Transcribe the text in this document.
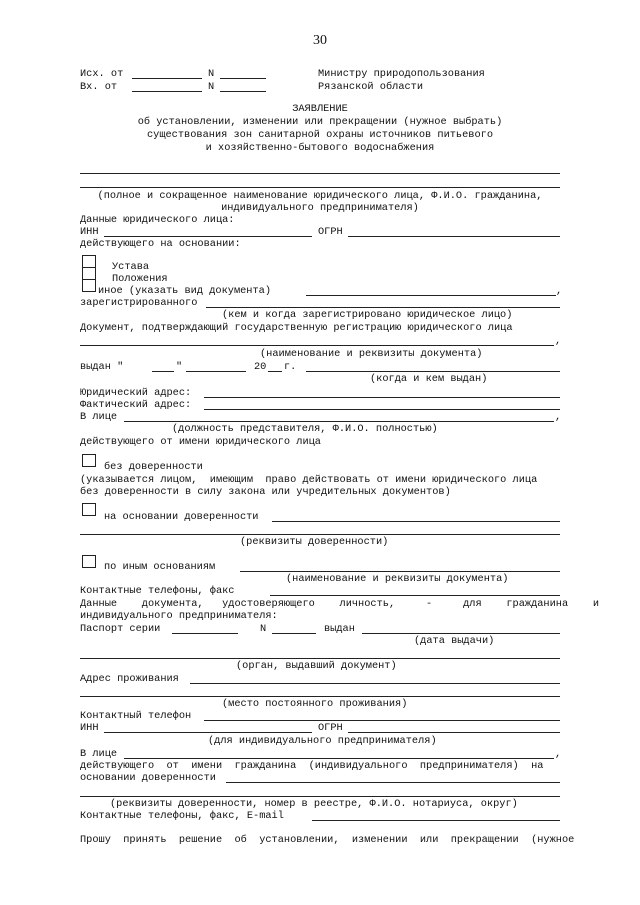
30
Исх. от	N
Вх. от	N
Министру природопользования
Рязанской области
ЗАЯВЛЕНИЕ
об установлении, изменении или прекращении (нужное выбрать)
существования зон санитарной охраны источников питьевого
и хозяйственно-бытового водоснабжения
(полное и сокращенное наименование юридического лица, Ф.И.О. гражданина,
индивидуального предпринимателя)
Данные юридического лица:
ИНН	ОГРН
действующего на основании:
Устава
Положения
иное (указать вид документа)	,
зарегистрированного
(кем и когда зарегистрировано юридическое лицо)
Документ, подтверждающий государственную регистрацию юридического лица
,
(наименование и реквизиты документа)
выдан "	"	20 г.
(когда и кем выдан)
Юридический адрес:
Фактический адрес:
В лице	,
(должность представителя, Ф.И.О. полностью)
действующего от имени юридического лица
без доверенности
(указывается лицом,  имеющим  право действовать от имени юридического лица
без доверенности в силу закона или учредительных документов)
на основании доверенности
(реквизиты доверенности)
по иным основаниям
(наименование и реквизиты документа)
Контактные телефоны, факс
Данные    документа,   удостоверяющего    личность,     -     для    гражданина    и
индивидуального предпринимателя:
Паспорт серии	N	выдан
(дата выдачи)
(орган, выдавший документ)
Адрес проживания
(место постоянного проживания)
Контактный телефон
ИНН	ОГРН
(для индивидуального предпринимателя)
В лице	,
действующего  от  имени  гражданина  (индивидуального  предпринимателя)  на
основании доверенности
(реквизиты доверенности, номер в реестре, Ф.И.О. нотариуса, округ)
Контактные телефоны, факс, E-mail
Прошу  принять  решение  об  установлении,  изменении  или  прекращении  (нужное
